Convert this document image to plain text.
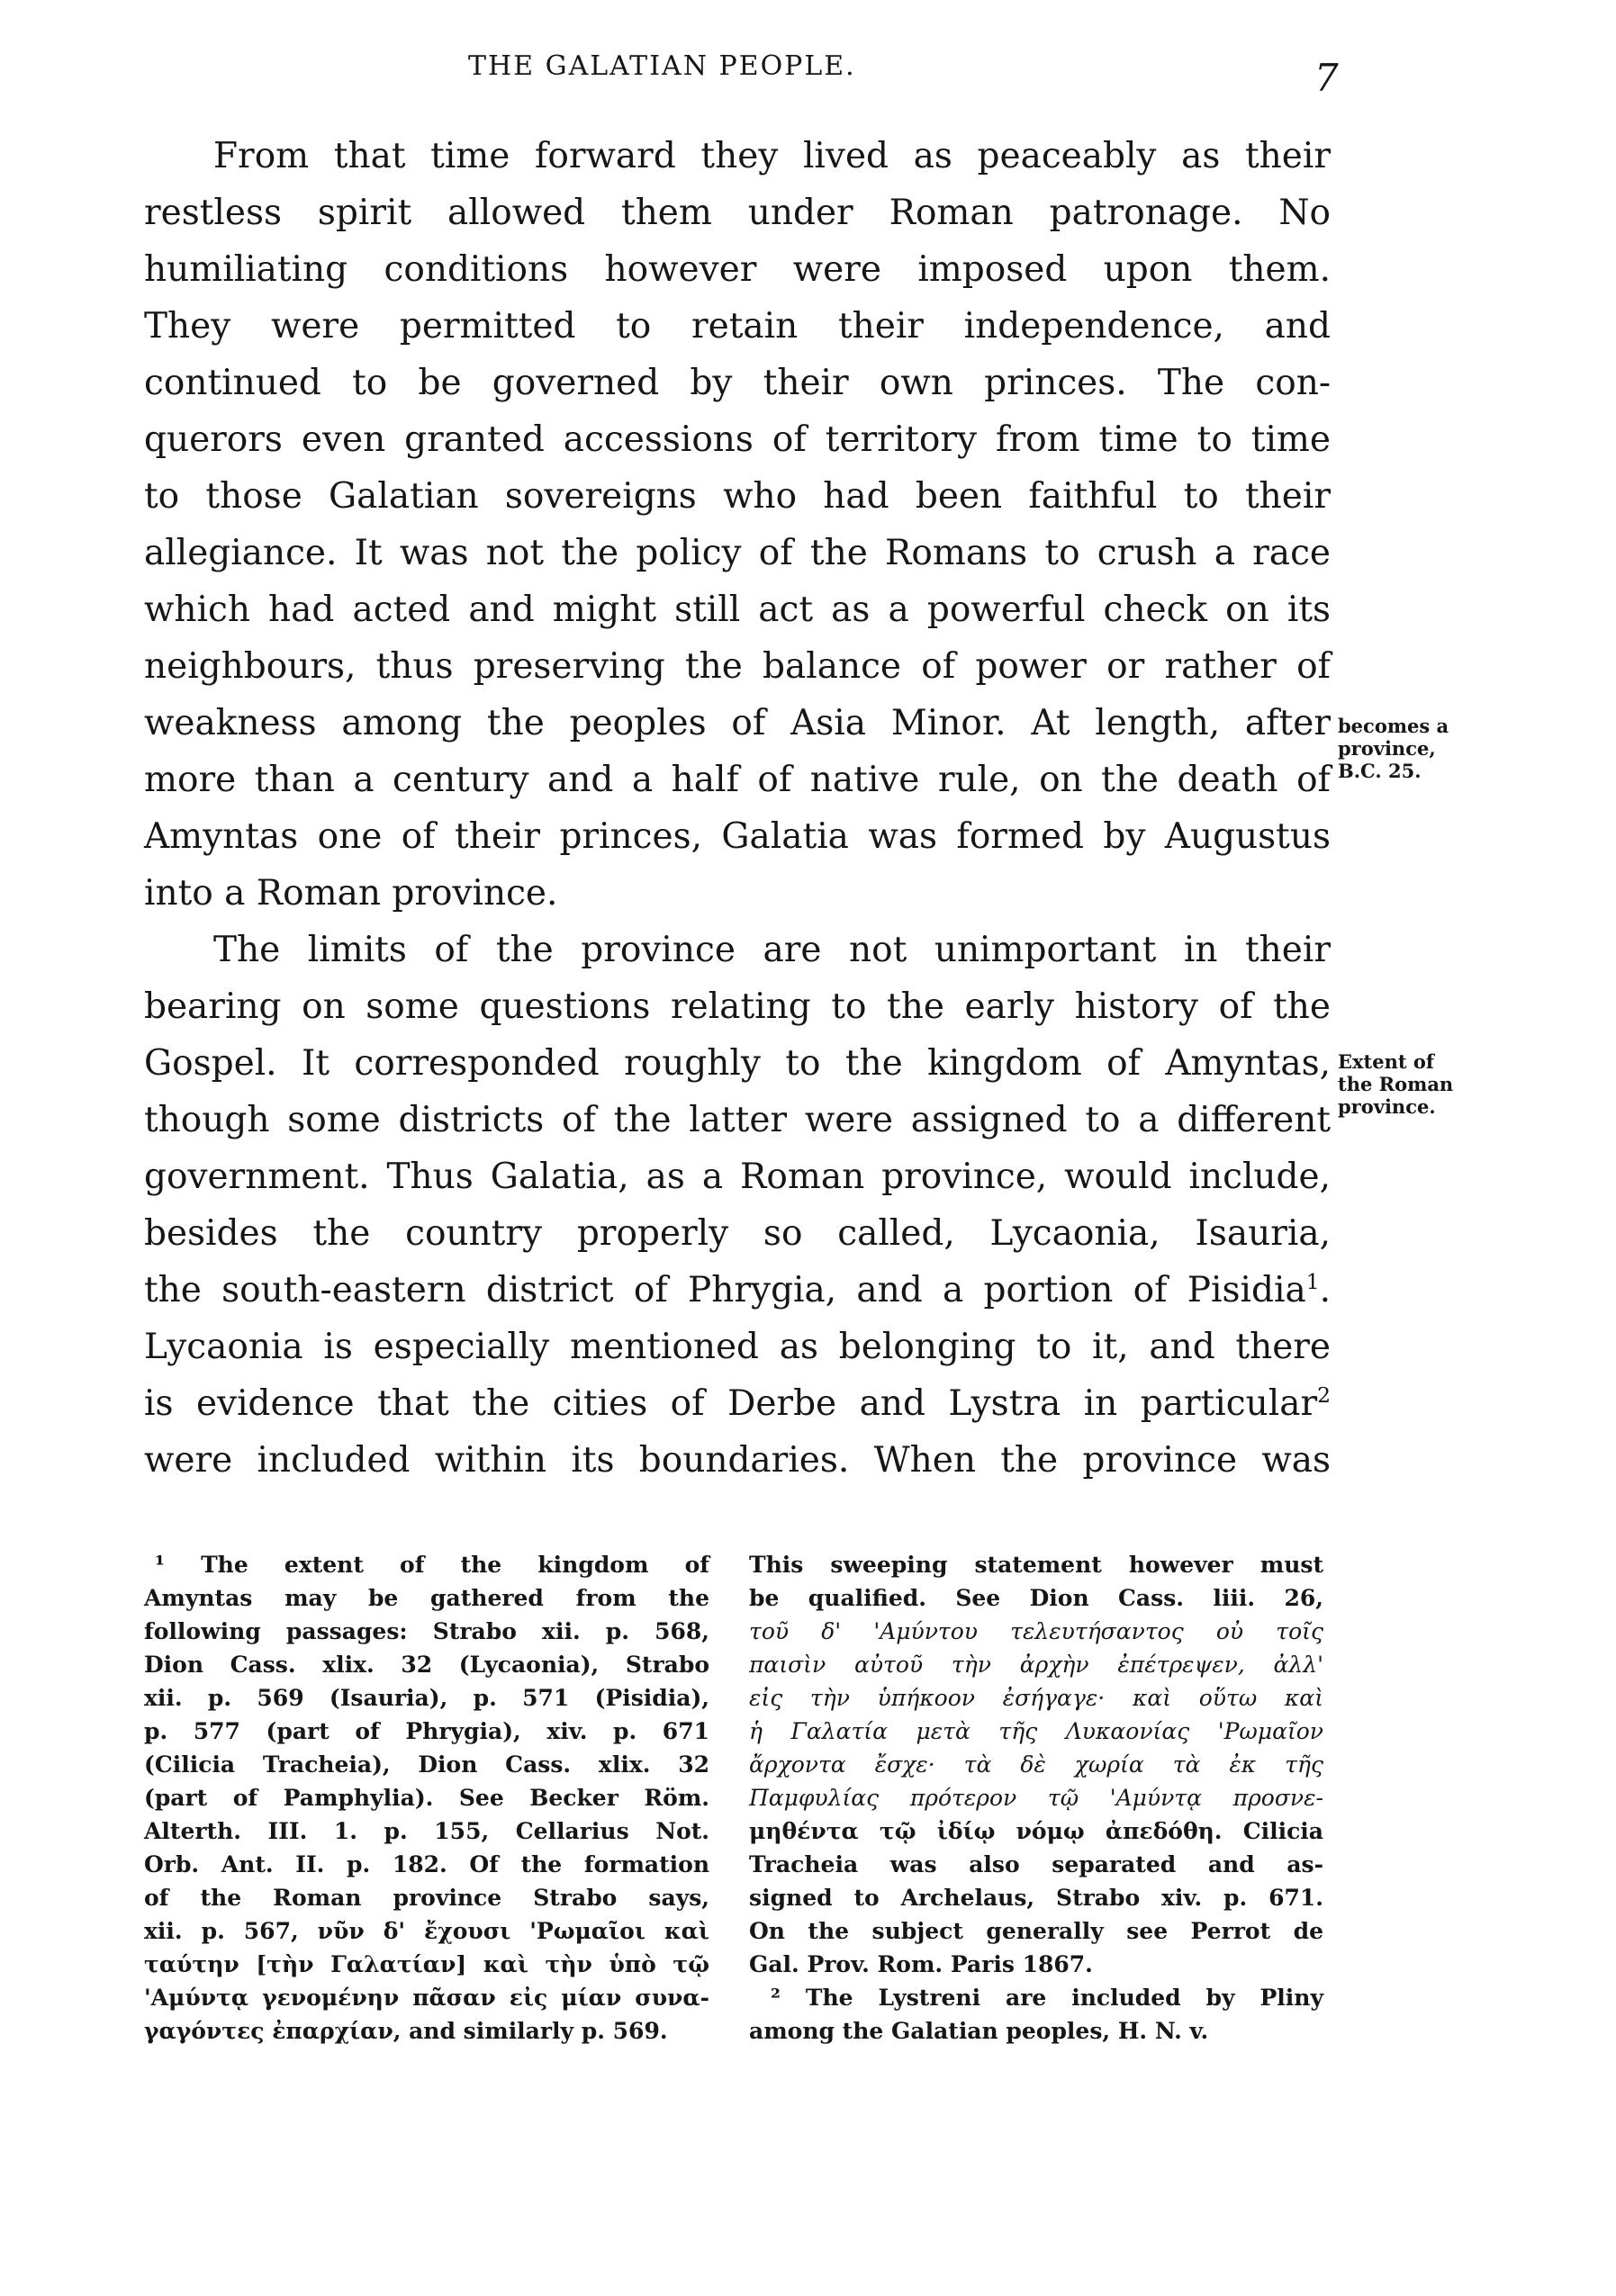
THE GALATIAN PEOPLE.	7
From that time forward they lived as peaceably as their
restless spirit allowed them under Roman patronage. No
humiliating conditions however were imposed upon them.
They were permitted to retain their independence, and
continued to be governed by their own princes. The con-
querors even granted accessions of territory from time to time
to those Galatian sovereigns who had been faithful to their
allegiance. It was not the policy of the Romans to crush a race
which had acted and might still act as a powerful check on its
neighbours, thus preserving the balance of power or rather of
weakness among the peoples of Asia Minor. At length, after
more than a century and a half of native rule, on the death of
Amyntas one of their princes, Galatia was formed by Augustus
into a Roman province.
The limits of the province are not unimportant in their
bearing on some questions relating to the early history of the
Gospel. It corresponded roughly to the kingdom of Amyntas,
though some districts of the latter were assigned to a different
government. Thus Galatia, as a Roman province, would include,
besides the country properly so called, Lycaonia, Isauria,
the south-eastern district of Phrygia, and a portion of Pisidia$^1$.
Lycaonia is especially mentioned as belonging to it, and there
is evidence that the cities of Derbe and Lystra in particular$^2$
were included within its boundaries. When the province was
becomes a
province,
B.C. 25.
Extent of
the Roman
province.
¹ The extent of the kingdom of
Amyntas may be gathered from the
following passages: Strabo xii. p. 568,
Dion Cass. xlix. 32 (Lycaonia), Strabo
xii. p. 569 (Isauria), p. 571 (Pisidia),
p. 577 (part of Phrygia), xiv. p. 671
(Cilicia Tracheia), Dion Cass. xlix. 32
(part of Pamphylia). See Becker Röm.
Alterth. III. 1. p. 155, Cellarius Not.
Orb. Ant. II. p. 182. Of the formation
of the Roman province Strabo says,
xii. p. 567, νῦν δ' ἔχουσι 'Ρωμαῖοι καὶ
ταύτην [τὴν Γαλατίαν] καὶ τὴν ὑπὸ τῷ
'Αμύντᾳ γενομένην πᾶσαν εἰς μίαν συνα-
γαγόντες ἐπαρχίαν, and similarly p. 569.
This sweeping statement however must
be qualified. See Dion Cass. liii. 26,
τοῦ δ' 'Αμύντου τελευτήσαντος οὐ τοῖς
παισὶν αὐτοῦ τὴν ἀρχὴν ἐπέτρεψεν, ἀλλ'
εἰς τὴν ὑπήκοον ἐσήγαγε· καὶ οὕτω καὶ
ἡ Γαλατία μετὰ τῆς Λυκαονίας 'Ρωμαῖον
ἄρχοντα ἔσχε· τὰ δὲ χωρία τὰ ἐκ τῆς
Παμφυλίας πρότερον τῷ 'Αμύντᾳ προσνε-
μηθέντα τῷ ἰδίῳ νόμῳ ἀπεδόθη. Cilicia
Tracheia was also separated and as-
signed to Archelaus, Strabo xiv. p. 671.
On the subject generally see Perrot de
Gal. Prov. Rom. Paris 1867.
² The Lystreni are included by Pliny
among the Galatian peoples, H. N. v.
